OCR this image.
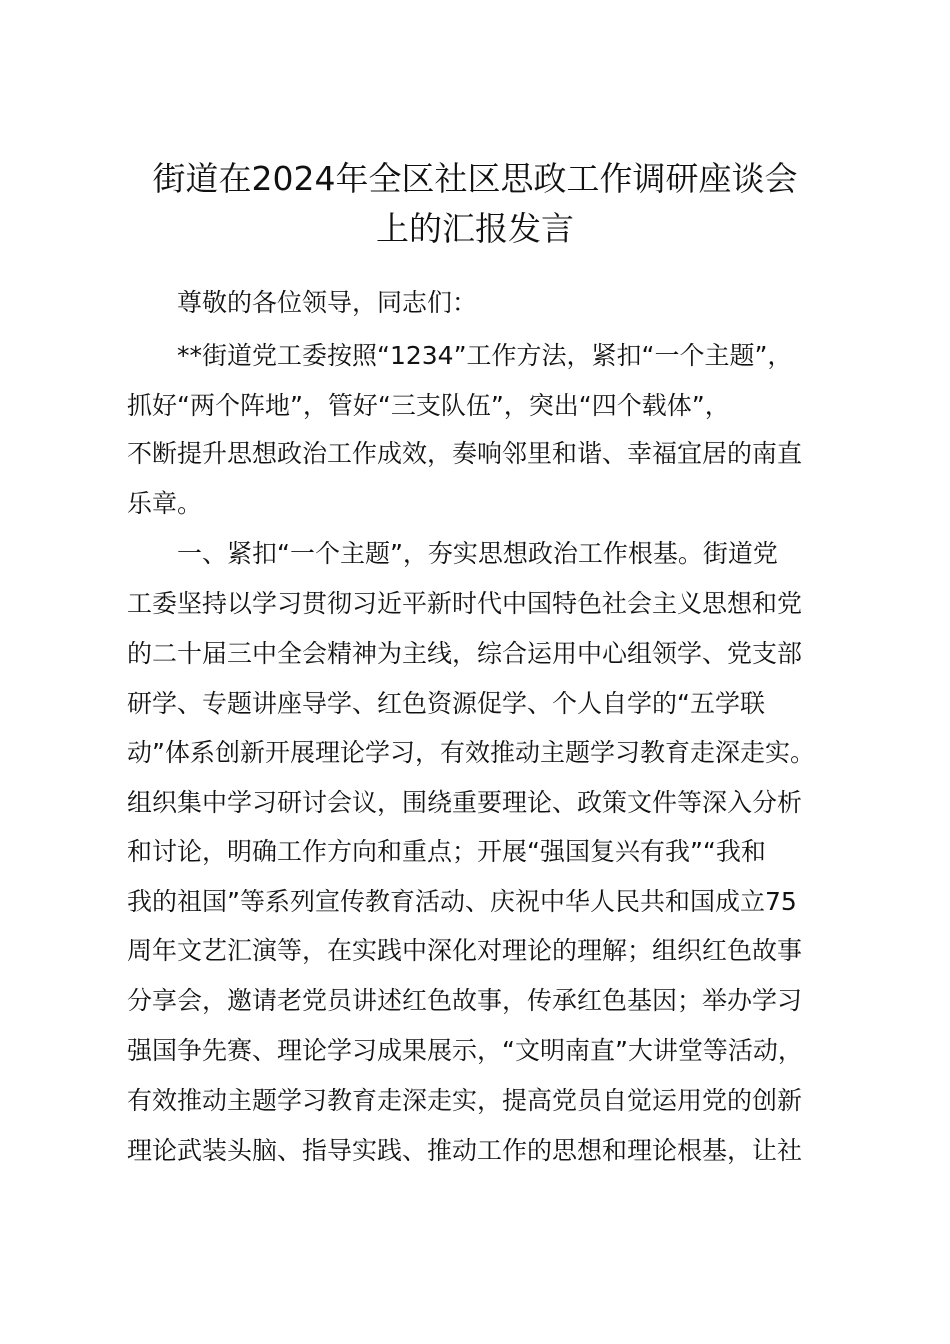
街道在2024年全区社区思政工作调研座谈会
上的汇报发言

尊敬的各位领导，同志们：

**街道党工委按照“1234”工作方法，紧扣“一个主题”，

抓好“两个阵地”，管好“三支队伍”，突出“四个载体”，

不断提升思想政治工作成效，奏响邻里和谐、幸福宜居的南直

乐章。

一、紧扣“一个主题”，夯实思想政治工作根基。街道党

工委坚持以学习贯彻习近平新时代中国特色社会主义思想和党

的二十届三中全会精神为主线，综合运用中心组领学、党支部

研学、专题讲座导学、红色资源促学、个人自学的“五学联

动”体系创新开展理论学习，有效推动主题学习教育走深走实。

组织集中学习研讨会议，围绕重要理论、政策文件等深入分析

和讨论，明确工作方向和重点；开展“强国复兴有我”“我和

我的祖国”等系列宣传教育活动、庆祝中华人民共和国成立75

周年文艺汇演等，在实践中深化对理论的理解；组织红色故事

分享会，邀请老党员讲述红色故事，传承红色基因；举办学习

强国争先赛、理论学习成果展示，“文明南直”大讲堂等活动，

有效推动主题学习教育走深走实，提高党员自觉运用党的创新

理论武装头脑、指导实践、推动工作的思想和理论根基，让社
